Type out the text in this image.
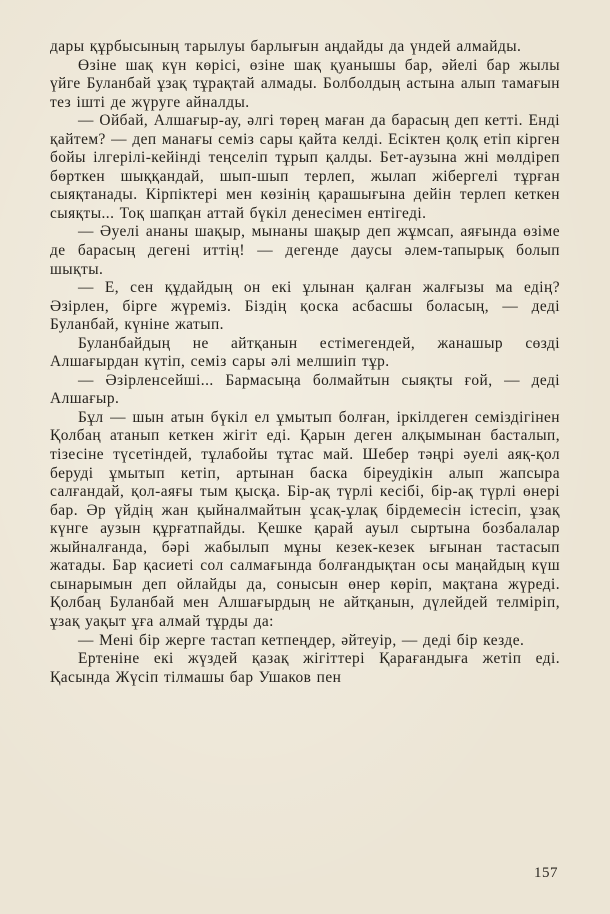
дары құрбысының тарылуы барлығын аңдайды да үндей алмайды.

Өзіне шақ күн көрісі, өзіне шақ қуанышы бар, әйелі бар жылы үйге Буланбай ұзақ тұрақтай алмады. Болболдың астына алып тамағын тез ішті де жүруге айналды.

— Ойбай, Алшағыр-ау, әлгі төрең маған да барасың деп кетті. Енді қайтем? — деп манағы семіз сары қайта келді. Есіктен қолқ етіп кірген бойы ілгерілі-кейінді теңселіп тұрып қалды. Бет-аузына жні мөлдіреп бөрткен шыққандай, шып-шып терлеп, жылап жібергелі тұрған сыяқтанады. Кірпіктері мен көзінің қарашығына дейін терлеп кеткен сыяқты... Тоқ шапқан аттай бүкіл денесімен ентігеді.

— Әуелі ананы шақыр, мынаны шақыр деп жұмсап, аяғында өзіме де барасың дегені иттің! — дегенде даусы әлем-тапырық болып шықты.

— Е, сен құдайдың он екі ұлынан қалған жалғызы ма едің? Әзірлен, бірге жүреміз. Біздің қоска асбасшы боласың, — деді Буланбай, күніне жатып.

Буланбайдың не айтқанын естімегендей, жанашыр сөзді Алшағырдан күтіп, семіз сары әлі мелшиіп тұр.

— Әзірленсейші... Бармасыңа болмайтын сыяқты ғой, — деді Алшағыр.

Бұл — шын атын бүкіл ел ұмытып болған, іркілдеген семіздігінен Қолбаң атанып кеткен жігіт еді. Қарын деген алқымынан басталып, тізесіне түсетіндей, тұлабойы тұтас май. Шебер тәңрі әуелі аяқ-қол беруді ұмытып кетіп, артынан баска біреудікін алып жапсыра салғандай, қол-аяғы тым қысқа. Бір-ақ түрлі кесібі, бір-ақ түрлі өнері бар. Әр үйдің жан қыйналмайтын ұсақ-ұлақ бірдемесін істесіп, ұзақ күнге аузын құрғатпайды. Қешке қарай ауыл сыртына бозбалалар жыйналғанда, бәрі жабылып мұны кезек-кезек ығынан тастасып жатады. Бар қасиеті сол салмағында болғандықтан осы маңайдың күш сынарымын деп ойлайды да, соныcын өнер көріп, мақтана жүреді. Қолбаң Буланбай мен Алшағырдың не айтқанын, дүлейдей телміріп, ұзақ уақыт ұға алмай тұрды да:

— Мені бір жерге тастап кетпеңдер, әйтеуір, — деді бір кезде.

Ертеніне екі жүздей қазақ жігіттері Қарағандыға жетіп еді. Қасында Жүсіп тілмашы бар Ушаков пен

157
